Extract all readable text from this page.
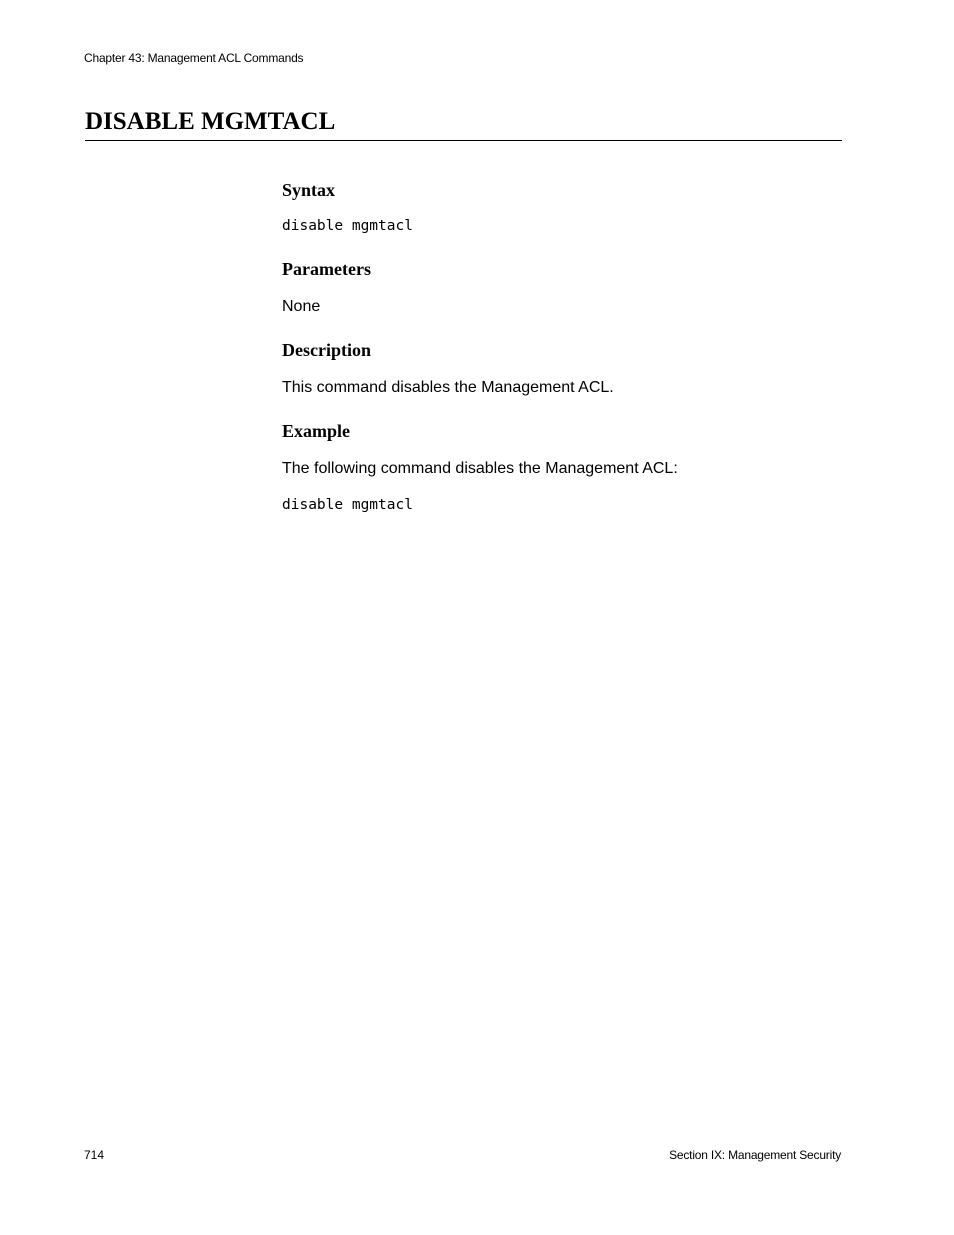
Chapter 43: Management ACL Commands
DISABLE MGMTACL
Syntax
disable mgmtacl
Parameters
None
Description
This command disables the Management ACL.
Example
The following command disables the Management ACL:
disable mgmtacl
714	Section IX: Management Security
